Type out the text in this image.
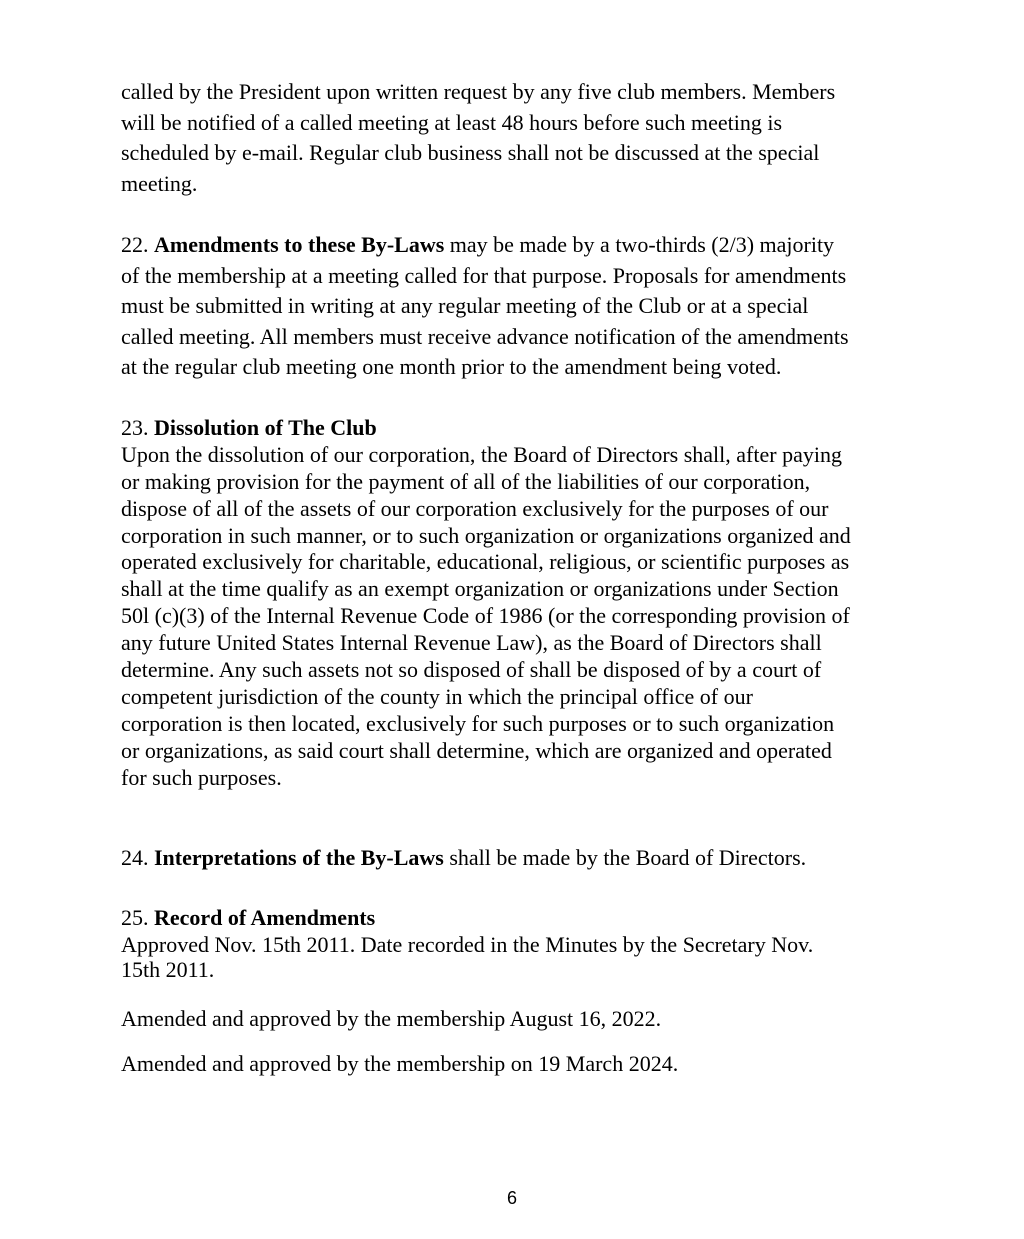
called by the President upon written request by any five club members. Members
will be notified of a called meeting at least 48 hours before such meeting is
scheduled by e-mail. Regular club business shall not be discussed at the special
meeting.
22. Amendments to these By-Laws may be made by a two-thirds (2/3) majority
of the membership at a meeting called for that purpose. Proposals for amendments
must be submitted in writing at any regular meeting of the Club or at a special
called meeting. All members must receive advance notification of the amendments
at the regular club meeting one month prior to the amendment being voted.
23. Dissolution of The Club
Upon the dissolution of our corporation, the Board of Directors shall, after paying
or making provision for the payment of all of the liabilities of our corporation,
dispose of all of the assets of our corporation exclusively for the purposes of our
corporation in such manner, or to such organization or organizations organized and
operated exclusively for charitable, educational, religious, or scientific purposes as
shall at the time qualify as an exempt organization or organizations under Section
50l (c)(3) of the Internal Revenue Code of 1986 (or the corresponding provision of
any future United States Internal Revenue Law), as the Board of Directors shall
determine. Any such assets not so disposed of shall be disposed of by a court of
competent jurisdiction of the county in which the principal office of our
corporation is then located, exclusively for such purposes or to such organization
or organizations, as said court shall determine, which are organized and operated
for such purposes.
24. Interpretations of the By-Laws shall be made by the Board of Directors.
25. Record of Amendments
Approved Nov. 15th 2011. Date recorded in the Minutes by the Secretary Nov.
15th 2011.
Amended and approved by the membership August 16, 2022.
Amended and approved by the membership on 19 March 2024.
6
